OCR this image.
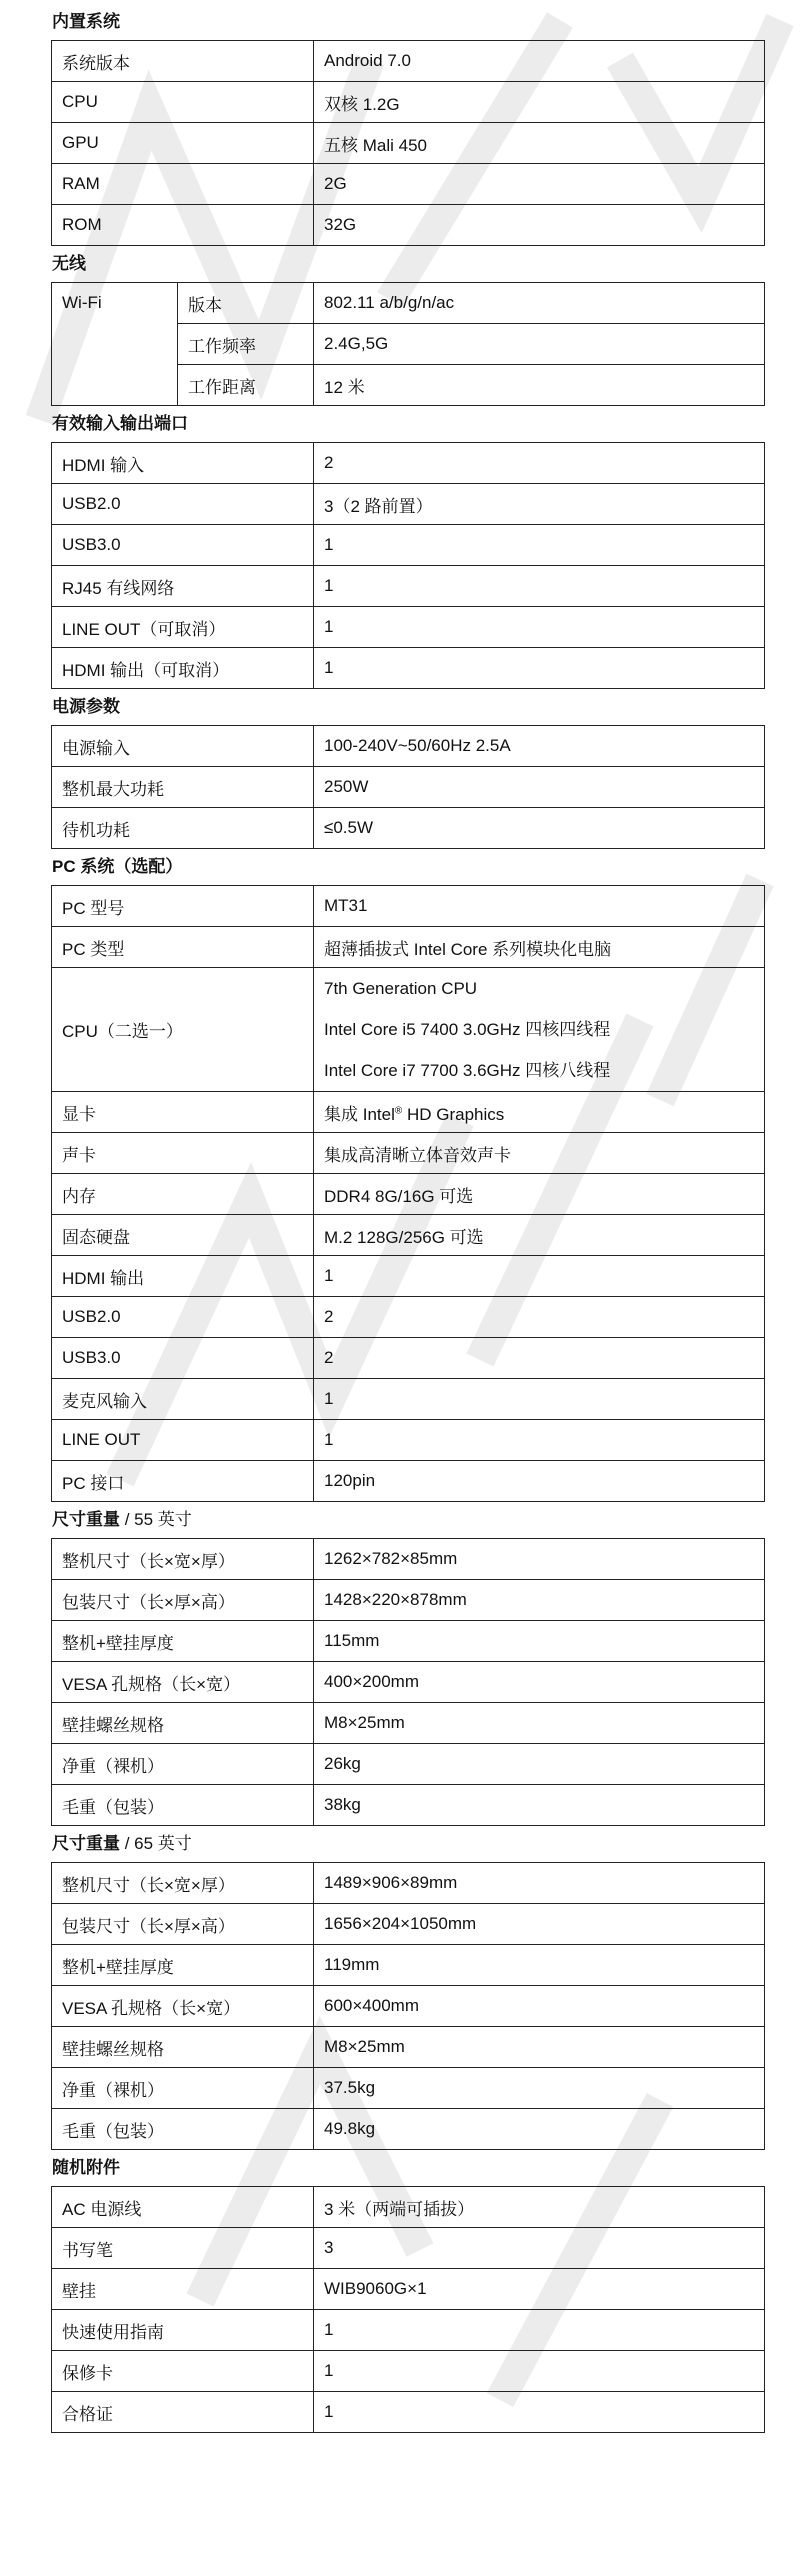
内置系统
系统版本	Android 7.0
CPU	双核 1.2G
GPU	五核 Mali 450
RAM	2G
ROM	32G
无线
Wi-Fi	版本	802.11 a/b/g/n/ac
	工作频率	2.4G,5G
	工作距离	12 米
有效输入输出端口
HDMI 输入	2
USB2.0	3（2 路前置）
USB3.0	1
RJ45 有线网络	1
LINE OUT（可取消）	1
HDMI 输出（可取消）	1
电源参数
电源输入	100-240V~50/60Hz 2.5A
整机最大功耗	250W
待机功耗	≤0.5W
PC 系统（选配）
PC 型号	MT31
PC 类型	超薄插拔式 Intel Core 系列模块化电脑
CPU（二选一）	7th Generation CPU
Intel Core i5 7400 3.0GHz 四核四线程
Intel Core i7 7700 3.6GHz 四核八线程

显卡	集成 Intel® HD Graphics
声卡	集成高清晰立体音效声卡
内存	DDR4 8G/16G 可选
固态硬盘	M.2 128G/256G 可选
HDMI 输出	1
USB2.0	2
USB3.0	2
麦克风输入	1
LINE OUT	1
PC 接口	120pin
尺寸重量 / 55 英寸
整机尺寸（长×宽×厚）	1262×782×85mm
包装尺寸（长×厚×高）	1428×220×878mm
整机+壁挂厚度	115mm
VESA 孔规格（长×宽）	400×200mm
壁挂螺丝规格	M8×25mm
净重（裸机）	26kg
毛重（包装）	38kg
尺寸重量 / 65 英寸
整机尺寸（长×宽×厚）	1489×906×89mm
包装尺寸（长×厚×高）	1656×204×1050mm
整机+壁挂厚度	119mm
VESA 孔规格（长×宽）	600×400mm
壁挂螺丝规格	M8×25mm
净重（裸机）	37.5kg
毛重（包装）	49.8kg
随机附件
AC 电源线	3 米（两端可插拔）
书写笔	3
壁挂	WIB9060G×1
快速使用指南	1
保修卡	1
合格证	1
